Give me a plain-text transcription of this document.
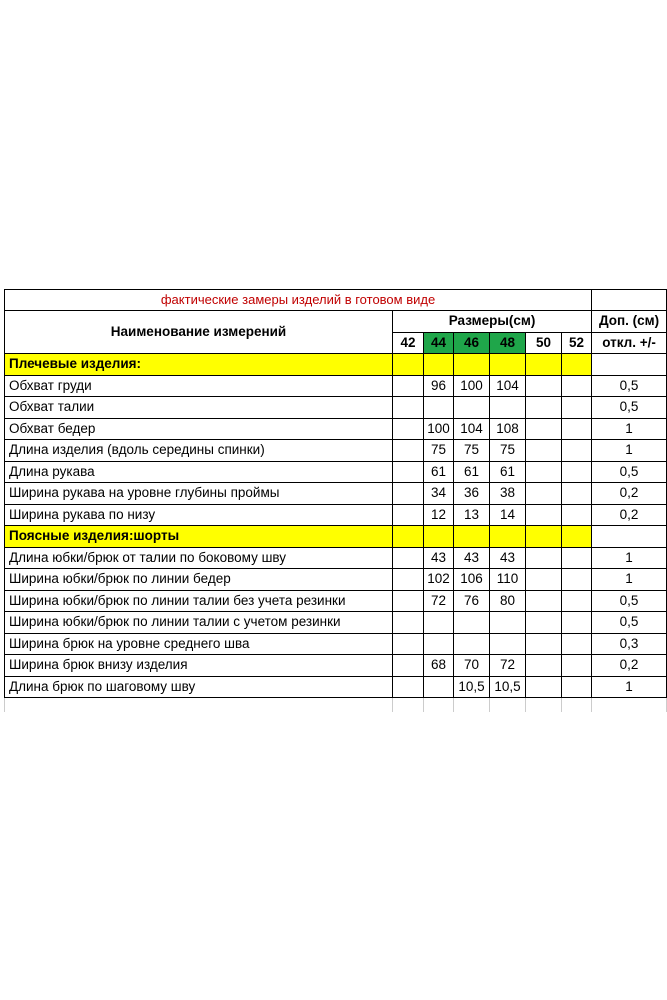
фактические замеры изделий в готовом виде							
Наименование измерений	Размеры(см)						Доп. (см)
	42	44	46	48	50	52	откл. +/-
Плечевые изделия:							
Обхват груди		96	100	104			0,5
Обхват талии							0,5
Обхват бедер		100	104	108			1
Длина изделия (вдоль середины спинки)		75	75	75			1
Длина рукава		61	61	61			0,5
Ширина рукава на уровне глубины проймы		34	36	38			0,2
Ширина рукава по низу		12	13	14			0,2
Поясные изделия:шорты							
Длина юбки/брюк от талии по боковому шву		43	43	43			1
Ширина юбки/брюк по линии бедер		102	106	110			1
Ширина юбки/брюк по линии талии без учета резинки		72	76	80			0,5
Ширина юбки/брюк по линии талии с учетом резинки							0,5
Ширина брюк на уровне среднего шва							0,3
Ширина брюк внизу изделия		68	70	72			0,2
Длина брюк по шаговому шву			10,5	10,5			1
